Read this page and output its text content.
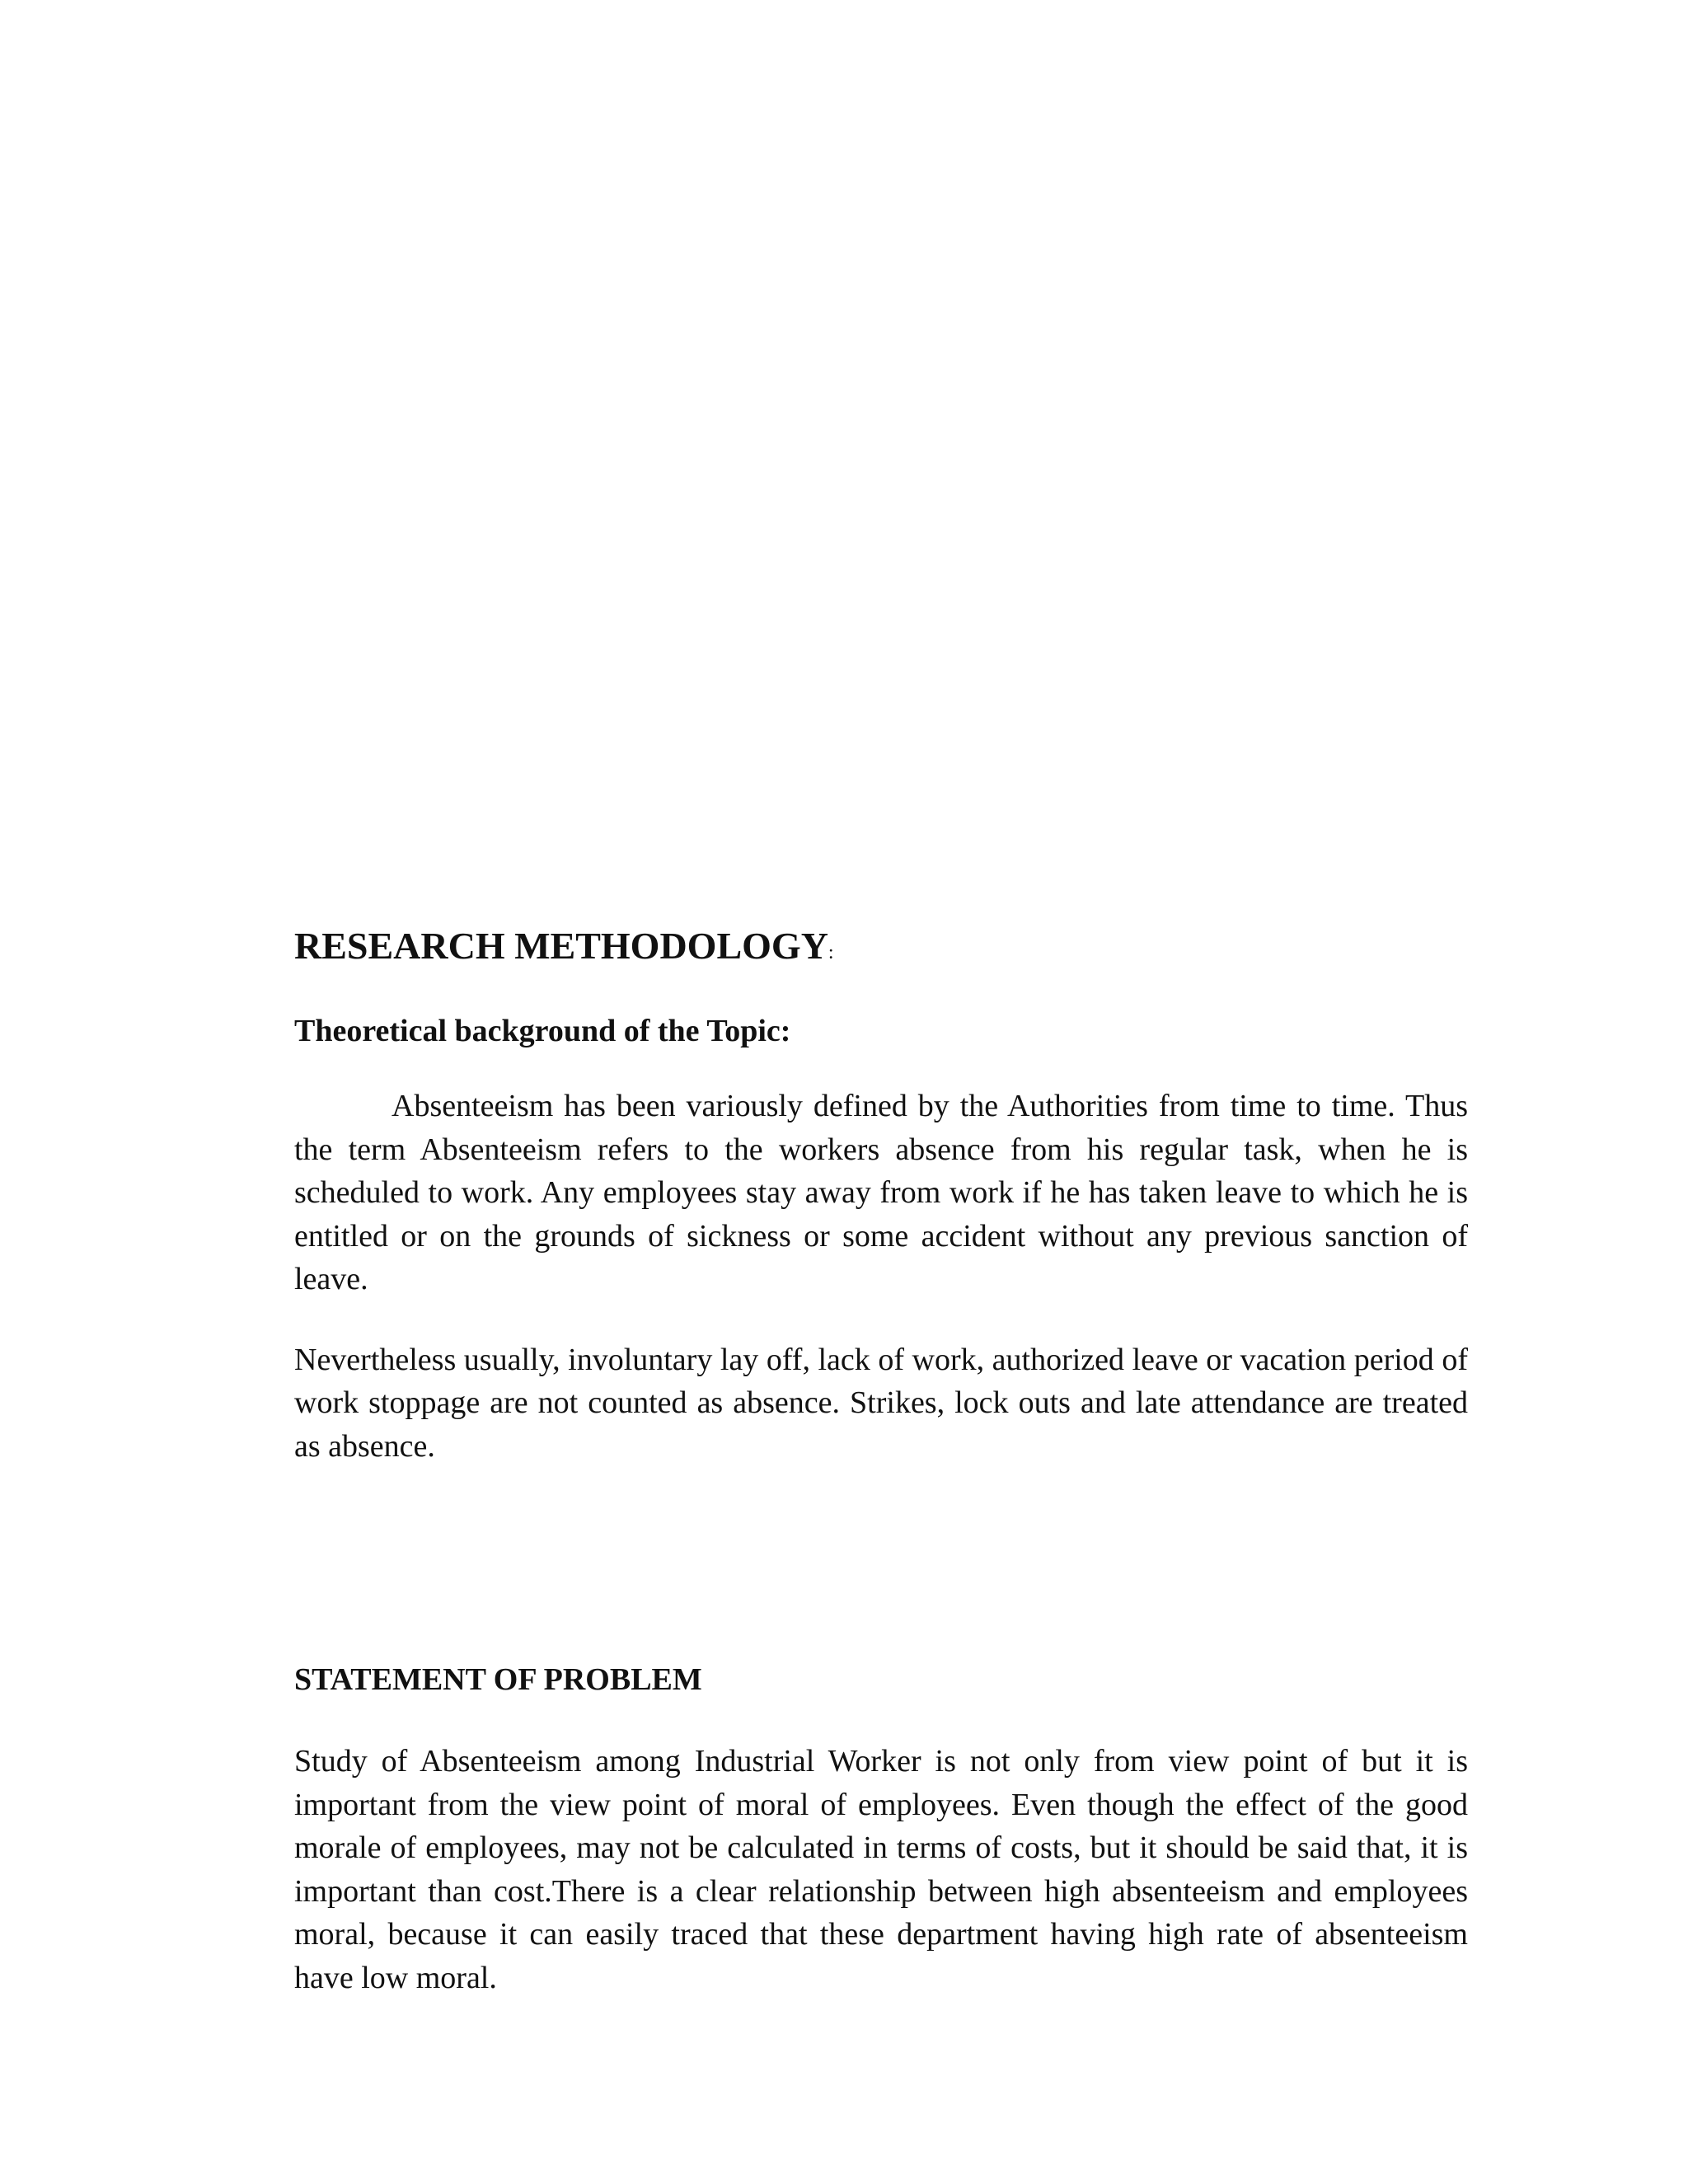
RESEARCH METHODOLOGY:
Theoretical background of the Topic:

Absenteeism has been variously defined by the Authorities from time to time. Thus the term Absenteeism refers to the workers absence from his regular task, when he is scheduled to work. Any employees stay away from work if he has taken leave to which he is entitled or on the grounds of sickness or some accident without any previous sanction of leave.

Nevertheless usually, involuntary lay off, lack of work, authorized leave or vacation period of work stoppage are not counted as absence. Strikes, lock outs and late attendance are treated as absence.

STATEMENT OF PROBLEM

Study of Absenteeism among Industrial Worker is not only from view point of but it is important from the view point of moral of employees. Even though the effect of the good morale of employees, may not be calculated in terms of costs, but it should be said that, it is important than cost.There is a clear relationship between high absenteeism and employees moral, because it can easily traced that these department having high rate of absenteeism have low moral.
